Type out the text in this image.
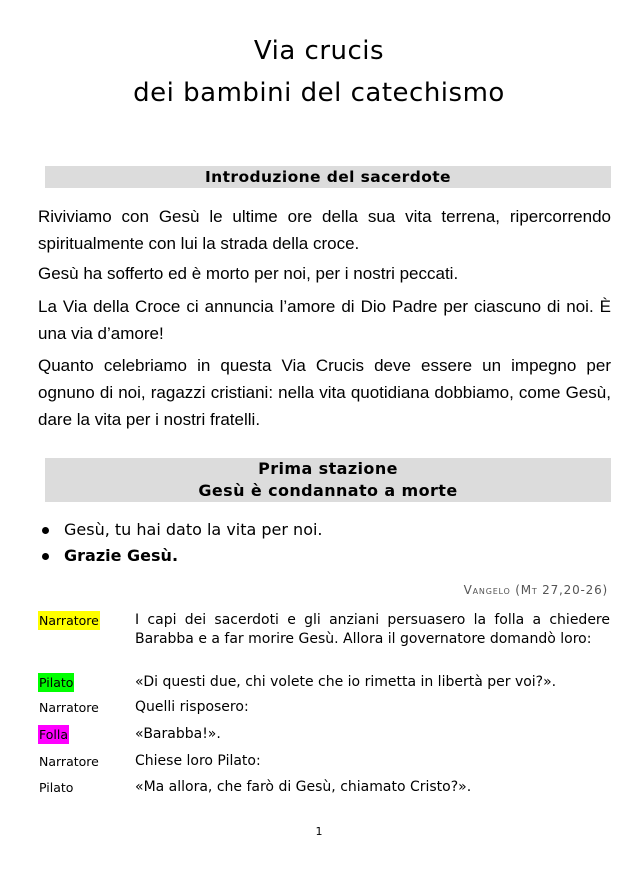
Via crucis
dei bambini del catechismo
Introduzione del sacerdote
Riviviamo con Gesù le ultime ore della sua vita terrena, ripercorrendo spiritualmente con lui la strada della croce.
Gesù ha sofferto ed è morto per noi, per i nostri peccati.
La Via della Croce ci annuncia l’amore di Dio Padre per ciascuno di noi. È una via d’amore!
Quanto celebriamo in questa Via Crucis deve essere un impegno per ognuno di noi, ragazzi cristiani: nella vita quotidiana dobbiamo, come Gesù, dare la vita per i nostri fratelli.
Prima stazione
Gesù è condannato a morte
Gesù, tu hai dato la vita per noi.
Grazie Gesù.
Vangelo (Mt 27,20-26)
Narratore	I capi dei sacerdoti e gli anziani persuasero la folla a chiedere Barabba e a far morire Gesù. Allora il governatore domandò loro:
Pilato	«Di questi due, chi volete che io rimetta in libertà per voi?».
Narratore	Quelli risposero:
Folla	«Barabba!».
Narratore	Chiese loro Pilato:
Pilato	«Ma allora, che farò di Gesù, chiamato Cristo?».
1
